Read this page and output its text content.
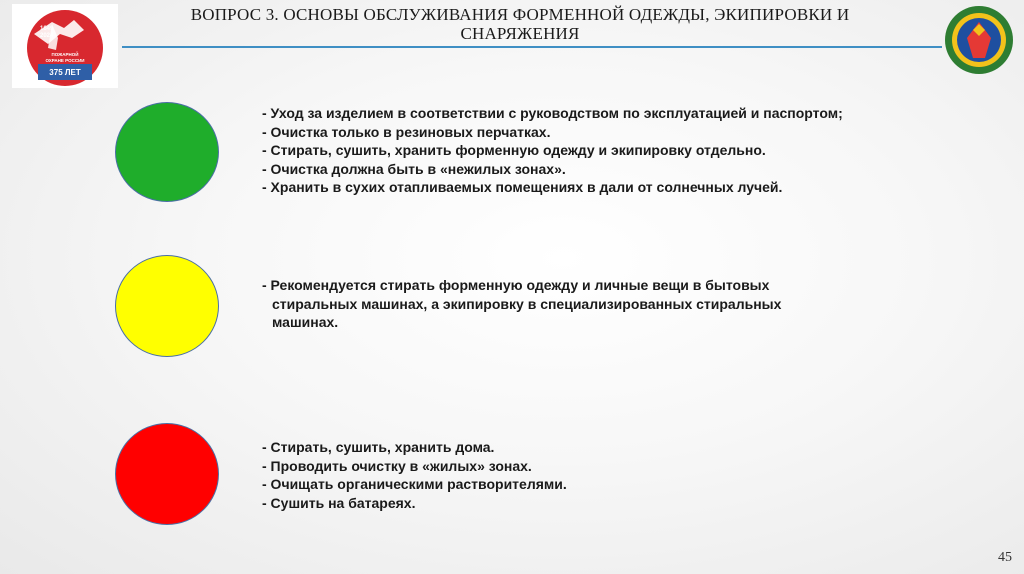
1649
2024
ПОЖАРНОЙ
ОХРАНЕ РОССИИ
375 ЛЕТ
ВОПРОС 3. ОСНОВЫ ОБСЛУЖИВАНИЯ ФОРМЕННОЙ ОДЕЖДЫ, ЭКИПИРОВКИ И
СНАРЯЖЕНИЯ
- Уход за изделием в соответствии с руководством по эксплуатацией и паспортом;
- Очистка только в резиновых перчатках.
- Стирать, сушить, хранить форменную одежду и экипировку отдельно.
- Очистка должна быть в «нежилых зонах».
- Хранить в сухих отапливаемых помещениях в дали от солнечных лучей.
- Рекомендуется стирать форменную одежду и личные вещи в бытовых
стиральных машинах, а экипировку в специализированных стиральных
машинах.
- Стирать, сушить, хранить дома.
- Проводить очистку в «жилых» зонах.
- Очищать органическими растворителями.
- Сушить на батареях.
45
